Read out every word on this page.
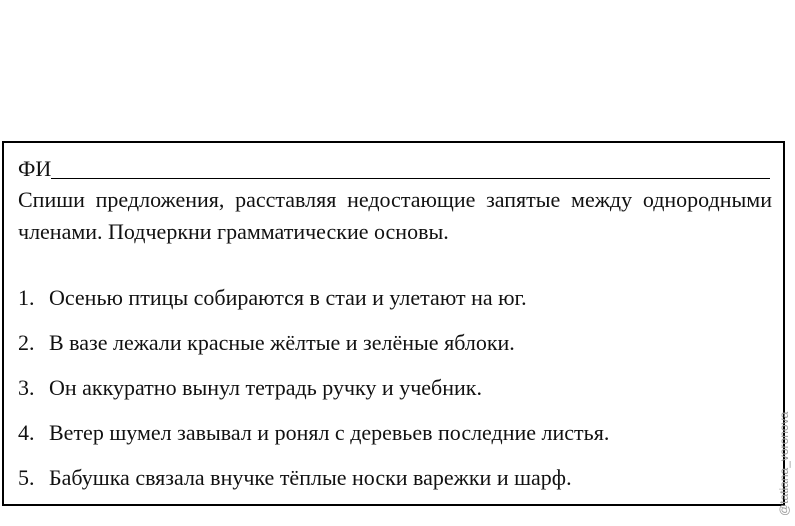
ФИ
Спиши предложения, расставляя недостающие запятые между однородными членами. Подчеркни грамматические основы.
1. Осенью птицы собираются в стаи и улетают на юг.
2. В вазе лежали красные жёлтые и зелёные яблоки.
3. Он аккуратно вынул тетрадь ручку и учебник.
4. Ветер шумел завывал и ронял с деревьев последние листья.
5. Бабушка связала внучке тёплые носки варежки и шарф.	@tatiana_voronova
